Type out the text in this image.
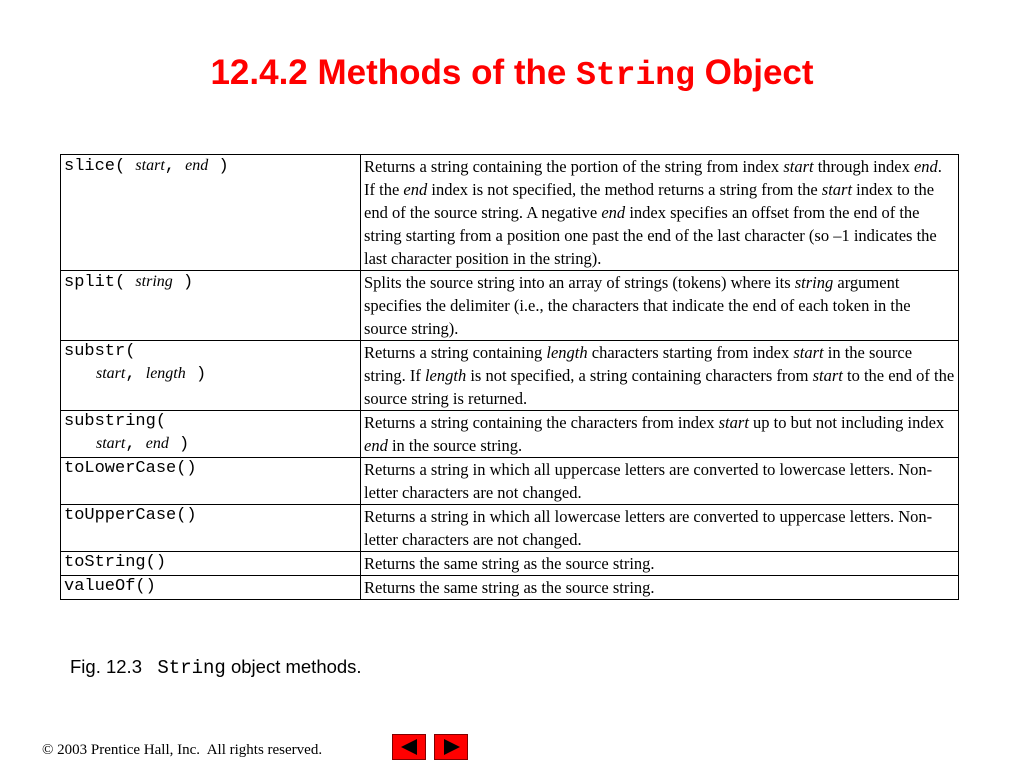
12.4.2 Methods of the String Object
slice( start, end )	Returns a string containing the portion of the string from index start through index end. If the end index is not specified, the method returns a string from the start index to the end of the source string. A negative end index specifies an offset from the end of the string starting from a position one past the end of the last character (so –1 indicates the last character position in the string).
split( string )	Splits the source string into an array of strings (tokens) where its string argument specifies the delimiter (i.e., the characters that indicate the end of each token in the source string).
substr(
start, length )	Returns a string containing length characters starting from index start in the source string. If length is not specified, a string containing characters from start to the end of the source string is returned.
substring(
start, end )	Returns a string containing the characters from index start up to but not including index end in the source string.
toLowerCase()	Returns a string in which all uppercase letters are converted to lowercase letters. Non-letter characters are not changed.
toUpperCase()	Returns a string in which all lowercase letters are converted to uppercase letters. Non-letter characters are not changed.
toString()	Returns the same string as the source string.
valueOf()	Returns the same string as the source string.
Fig. 12.3   String object methods.
© 2003 Prentice Hall, Inc.  All rights reserved.
